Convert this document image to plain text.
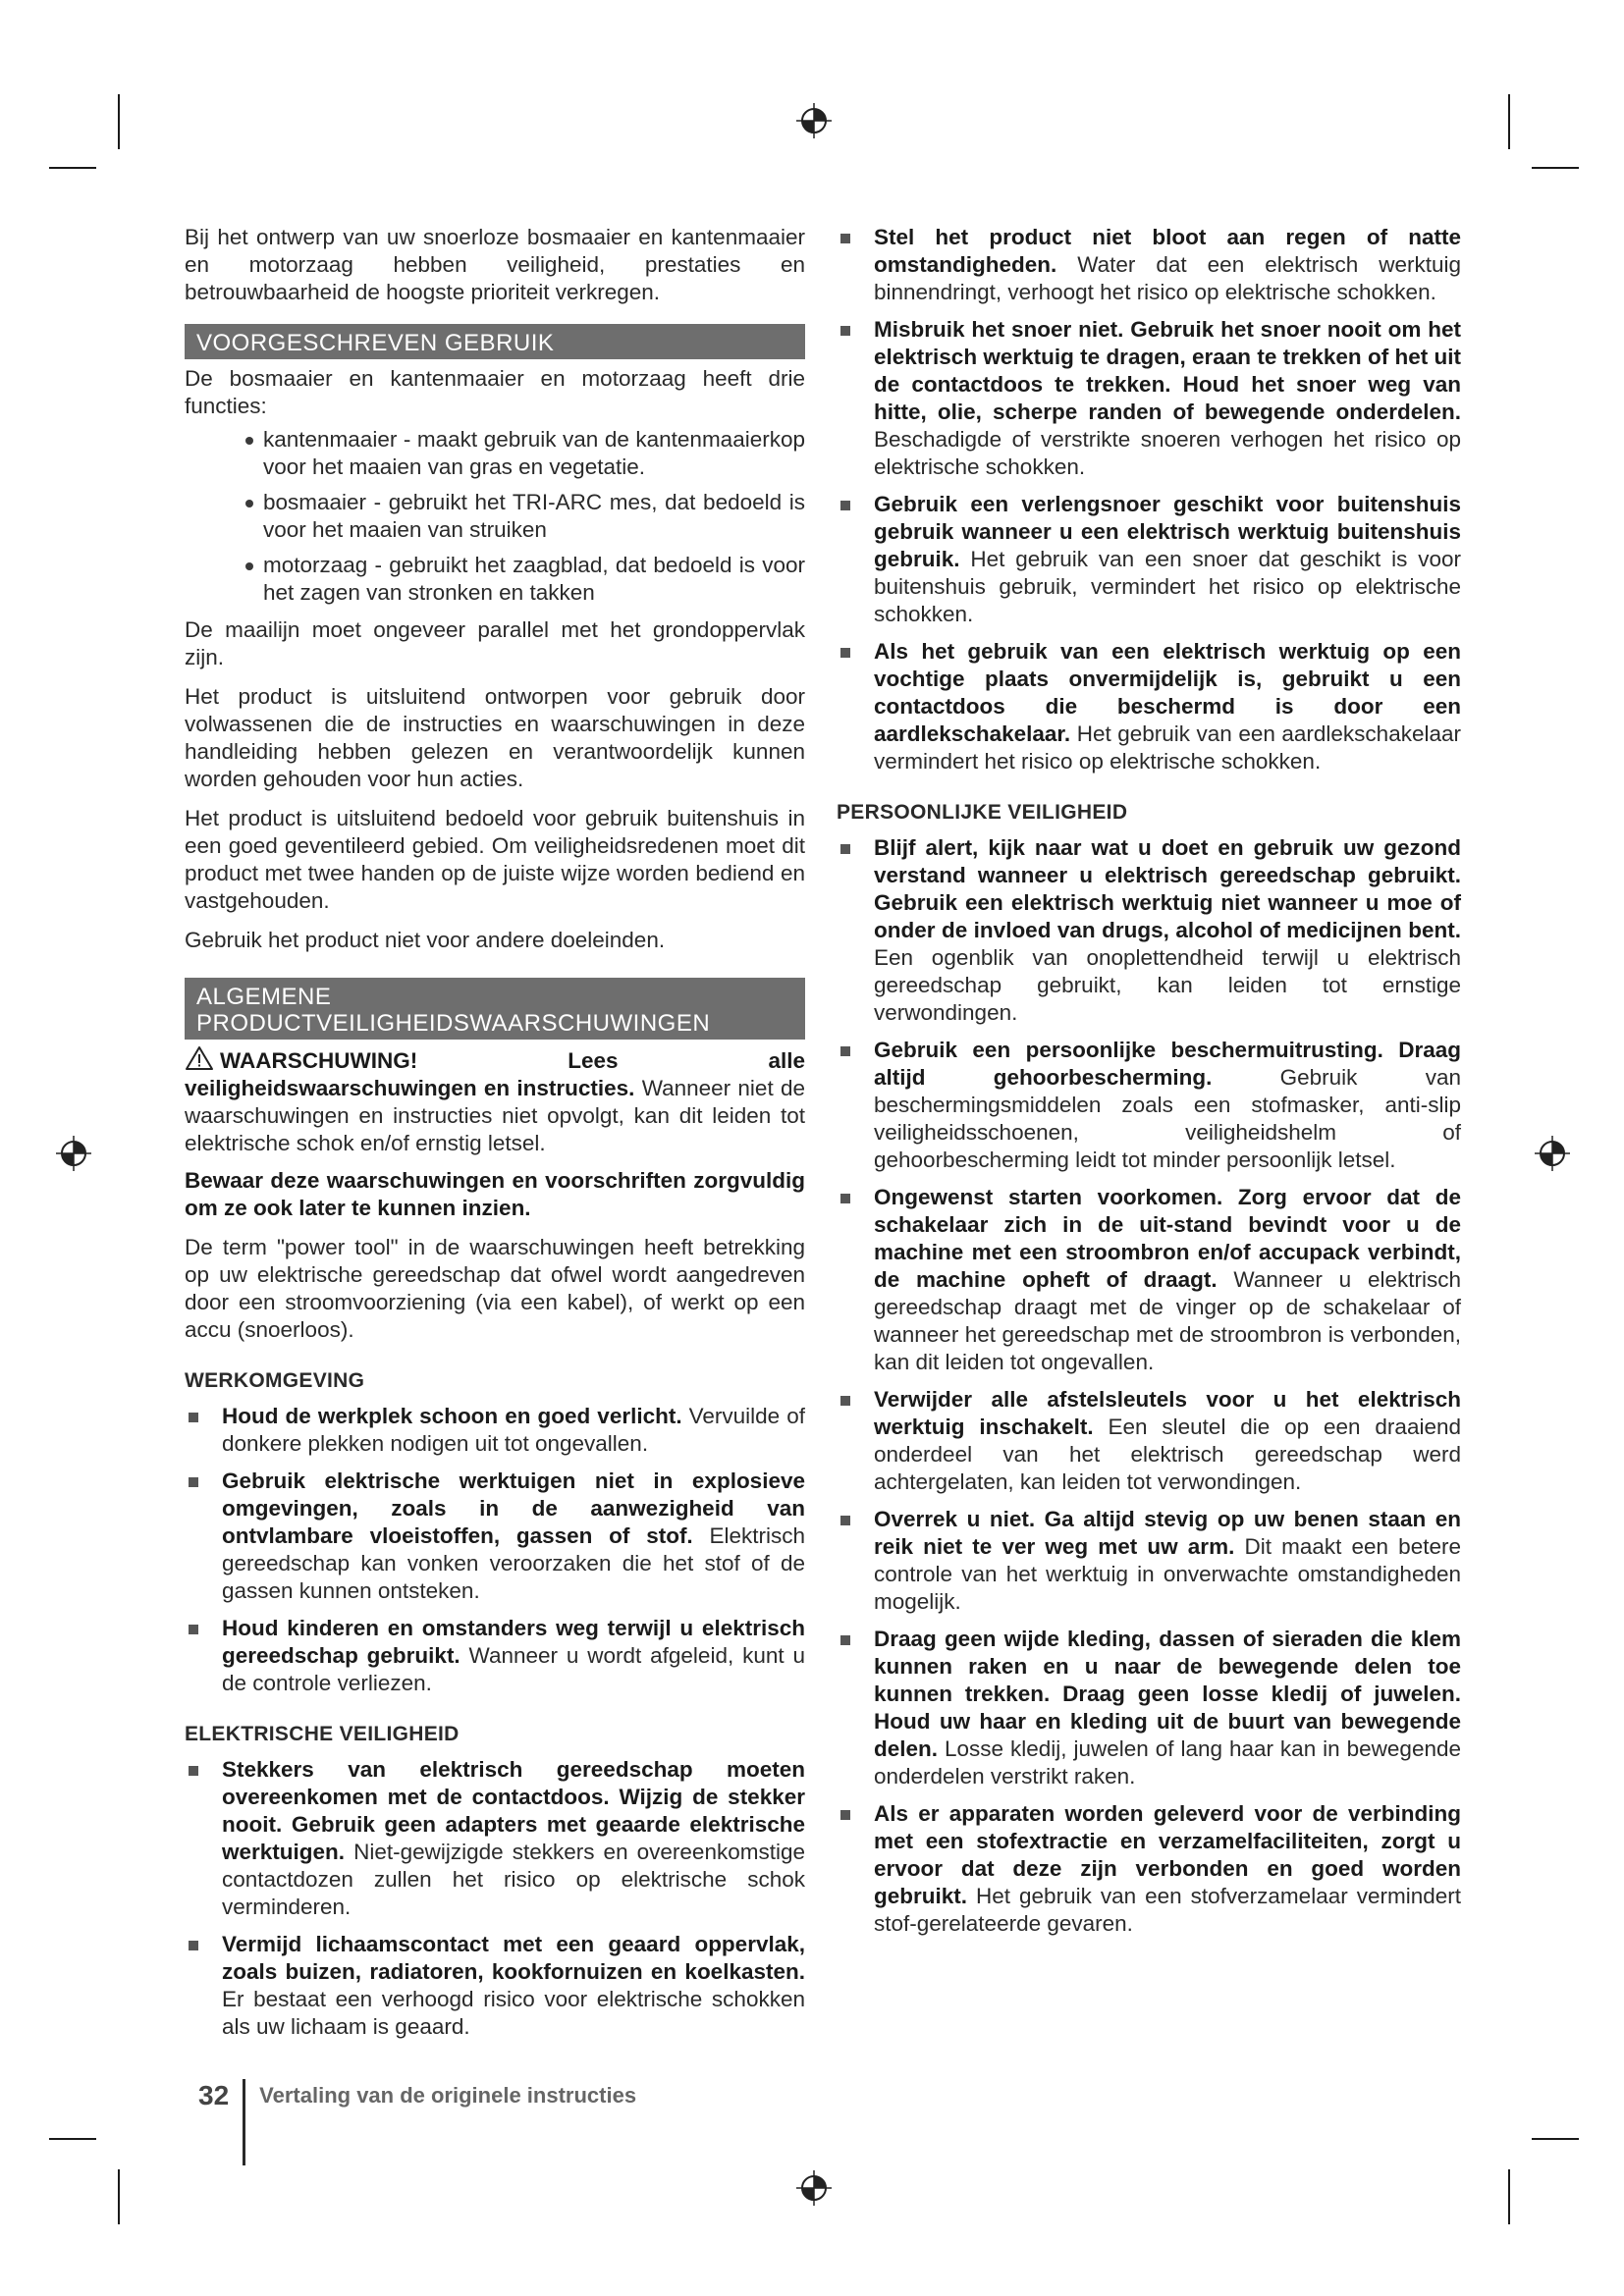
Bij het ontwerp van uw snoerloze bosmaaier en kantenmaaier en motorzaag hebben veiligheid, prestaties en betrouwbaarheid de hoogste prioriteit verkregen.

VOORGESCHREVEN GEBRUIK

De bosmaaier en kantenmaaier en motorzaag heeft drie functies:

kantenmaaier - maakt gebruik van de kantenmaaierkop voor het maaien van gras en vegetatie.
bosmaaier - gebruikt het TRI-ARC mes, dat bedoeld is voor het maaien van struiken
motorzaag - gebruikt het zaagblad, dat bedoeld is voor het zagen van stronken en takken

De maailijn moet ongeveer parallel met het grondoppervlak zijn.

Het product is uitsluitend ontworpen voor gebruik door volwassenen die de instructies en waarschuwingen in deze handleiding hebben gelezen en verantwoordelijk kunnen worden gehouden voor hun acties.

Het product is uitsluitend bedoeld voor gebruik buitenshuis in een goed geventileerd gebied. Om veiligheidsredenen moet dit product met twee handen op de juiste wijze worden bediend en vastgehouden.

Gebruik het product niet voor andere doeleinden.

ALGEMENE
PRODUCTVEILIGHEIDSWAARSCHUWINGEN

WAARSCHUWING! Lees alle veiligheidswaarschuwingen en instructies. Wanneer niet de waarschuwingen en instructies niet opvolgt, kan dit leiden tot elektrische schok en/of ernstig letsel.

Bewaar deze waarschuwingen en voorschriften zorgvuldig om ze ook later te kunnen inzien.

De term "power tool" in de waarschuwingen heeft betrekking op uw elektrische gereedschap dat ofwel wordt aangedreven door een stroomvoorziening (via een kabel), of werkt op een accu (snoerloos).

WERKOMGEVING
Houd de werkplek schoon en goed verlicht. Vervuilde of donkere plekken nodigen uit tot ongevallen.
Gebruik elektrische werktuigen niet in explosieve omgevingen, zoals in de aanwezigheid van ontvlambare vloeistoffen, gassen of stof. Elektrisch gereedschap kan vonken veroorzaken die het stof of de gassen kunnen ontsteken.
Houd kinderen en omstanders weg terwijl u elektrisch gereedschap gebruikt. Wanneer u wordt afgeleid, kunt u de controle verliezen.
ELEKTRISCHE VEILIGHEID
Stekkers van elektrisch gereedschap moeten overeenkomen met de contactdoos. Wijzig de stekker nooit. Gebruik geen adapters met geaarde elektrische werktuigen. Niet-gewijzigde stekkers en overeenkomstige contactdozen zullen het risico op elektrische schok verminderen.
Vermijd lichaamscontact met een geaard oppervlak, zoals buizen, radiatoren, kookfornuizen en koelkasten. Er bestaat een verhoogd risico voor elektrische schokken als uw lichaam is geaard.
Stel het product niet bloot aan regen of natte omstandigheden. Water dat een elektrisch werktuig binnendringt, verhoogt het risico op elektrische schokken.
Misbruik het snoer niet. Gebruik het snoer nooit om het elektrisch werktuig te dragen, eraan te trekken of het uit de contactdoos te trekken. Houd het snoer weg van hitte, olie, scherpe randen of bewegende onderdelen. Beschadigde of verstrikte snoeren verhogen het risico op elektrische schokken.
Gebruik een verlengsnoer geschikt voor buitenshuis gebruik wanneer u een elektrisch werktuig buitenshuis gebruik. Het gebruik van een snoer dat geschikt is voor buitenshuis gebruik, vermindert het risico op elektrische schokken.
Als het gebruik van een elektrisch werktuig op een vochtige plaats onvermijdelijk is, gebruikt u een contactdoos die beschermd is door een aardlekschakelaar. Het gebruik van een aardlekschakelaar vermindert het risico op elektrische schokken.
PERSOONLIJKE VEILIGHEID
Blijf alert, kijk naar wat u doet en gebruik uw gezond verstand wanneer u elektrisch gereedschap gebruikt. Gebruik een elektrisch werktuig niet wanneer u moe of onder de invloed van drugs, alcohol of medicijnen bent. Een ogenblik van onoplettendheid terwijl u elektrisch gereedschap gebruikt, kan leiden tot ernstige verwondingen.
Gebruik een persoonlijke beschermuitrusting. Draag altijd gehoorbescherming. Gebruik van beschermingsmiddelen zoals een stofmasker, anti-slip veiligheidsschoenen, veiligheidshelm of gehoorbescherming leidt tot minder persoonlijk letsel.
Ongewenst starten voorkomen. Zorg ervoor dat de schakelaar zich in de uit-stand bevindt voor u de machine met een stroombron en/of accupack verbindt, de machine opheft of draagt. Wanneer u elektrisch gereedschap draagt met de vinger op de schakelaar of wanneer het gereedschap met de stroombron is verbonden, kan dit leiden tot ongevallen.
Verwijder alle afstelsleutels voor u het elektrisch werktuig inschakelt. Een sleutel die op een draaiend onderdeel van het elektrisch gereedschap werd achtergelaten, kan leiden tot verwondingen.
Overrek u niet. Ga altijd stevig op uw benen staan en reik niet te ver weg met uw arm. Dit maakt een betere controle van het werktuig in onverwachte omstandigheden mogelijk.
Draag geen wijde kleding, dassen of sieraden die klem kunnen raken en u naar de bewegende delen toe kunnen trekken. Draag geen losse kledij of juwelen. Houd uw haar en kleding uit de buurt van bewegende delen. Losse kledij, juwelen of lang haar kan in bewegende onderdelen verstrikt raken.
Als er apparaten worden geleverd voor de verbinding met een stofextractie en verzamelfaciliteiten, zorgt u ervoor dat deze zijn verbonden en goed worden gebruikt. Het gebruik van een stofverzamelaar vermindert stof-gerelateerde gevaren.
32 Vertaling van de originele instructies
